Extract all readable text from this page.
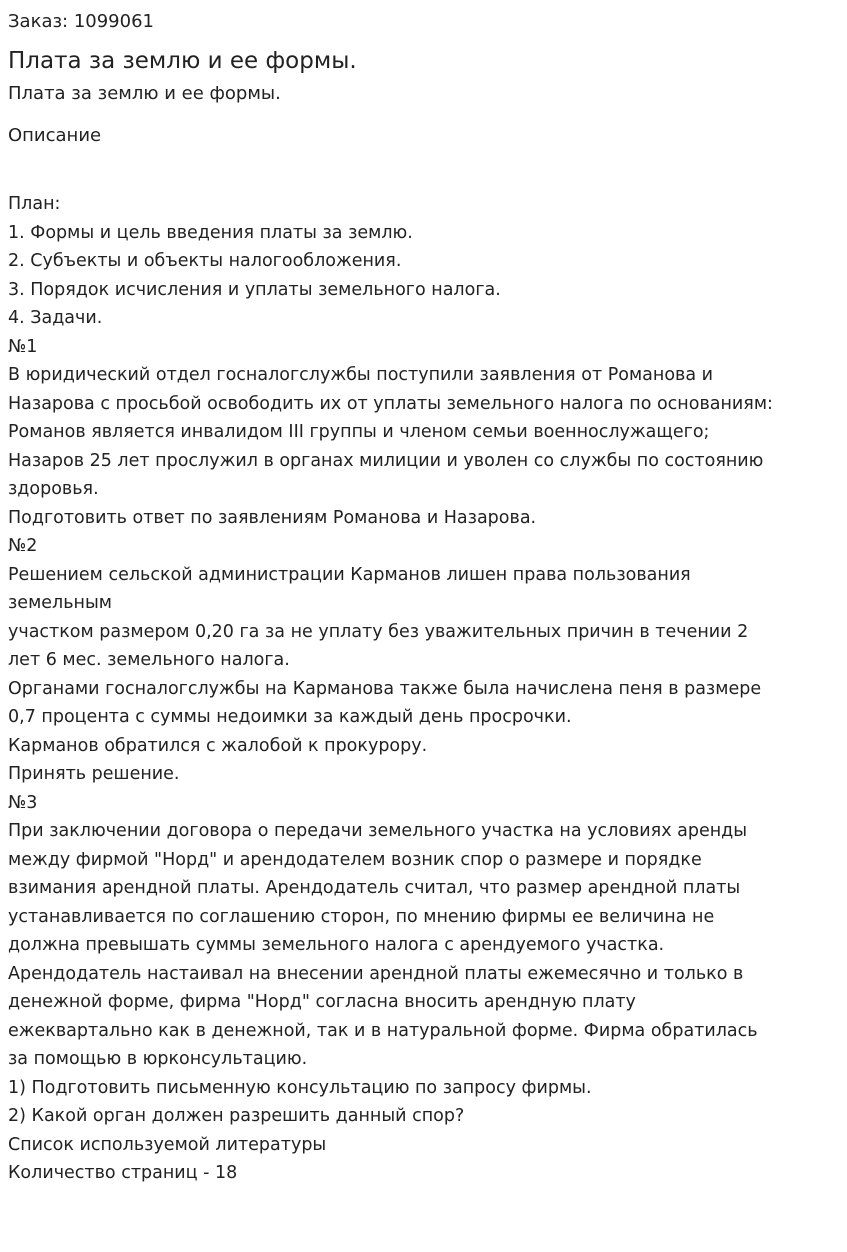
Заказ: 1099061
Плата за землю и ее формы.
Плата за землю и ее формы.
Описание

План:

1. Формы и цель введения платы за землю.

2. Субъекты и объекты налогообложения.

3. Порядок исчисления и уплаты земельного налога.

4. Задачи.

№1

В юридический отдел госналогслужбы поступили заявления от Романова и

Назарова с просьбой освободить их от уплаты земельного налога по основаниям:

Романов является инвалидом III группы и членом семьи военнослужащего;

Назаров 25 лет прослужил в органах милиции и уволен со службы по состоянию

здоровья.

Подготовить ответ по заявлениям Романова и Назарова.

№2

Решением сельской администрации Карманов лишен права пользования

земельным

участком размером 0,20 га за не уплату без уважительных причин в течении 2

лет 6 мес. земельного налога.

Органами госналогслужбы на Карманова также была начислена пеня в размере

0,7 процента с суммы недоимки за каждый день просрочки.

Карманов обратился с жалобой к прокурору.

Принять решение.

№3

При заключении договора о передачи земельного участка на условиях аренды

между фирмой "Норд" и арендодателем возник спор о размере и порядке

взимания арендной платы. Арендодатель считал, что размер арендной платы

устанавливается по соглашению сторон, по мнению фирмы ее величина не

должна превышать суммы земельного налога с арендуемого участка.

Арендодатель настаивал на внесении арендной платы ежемесячно и только в

денежной форме, фирма "Норд" согласна вносить арендную плату

ежеквартально как в денежной, так и в натуральной форме. Фирма обратилась

за помощью в юрконсультацию.

1) Подготовить письменную консультацию по запросу фирмы.

2) Какой орган должен разрешить данный спор?

Список используемой литературы

Количество страниц - 18
